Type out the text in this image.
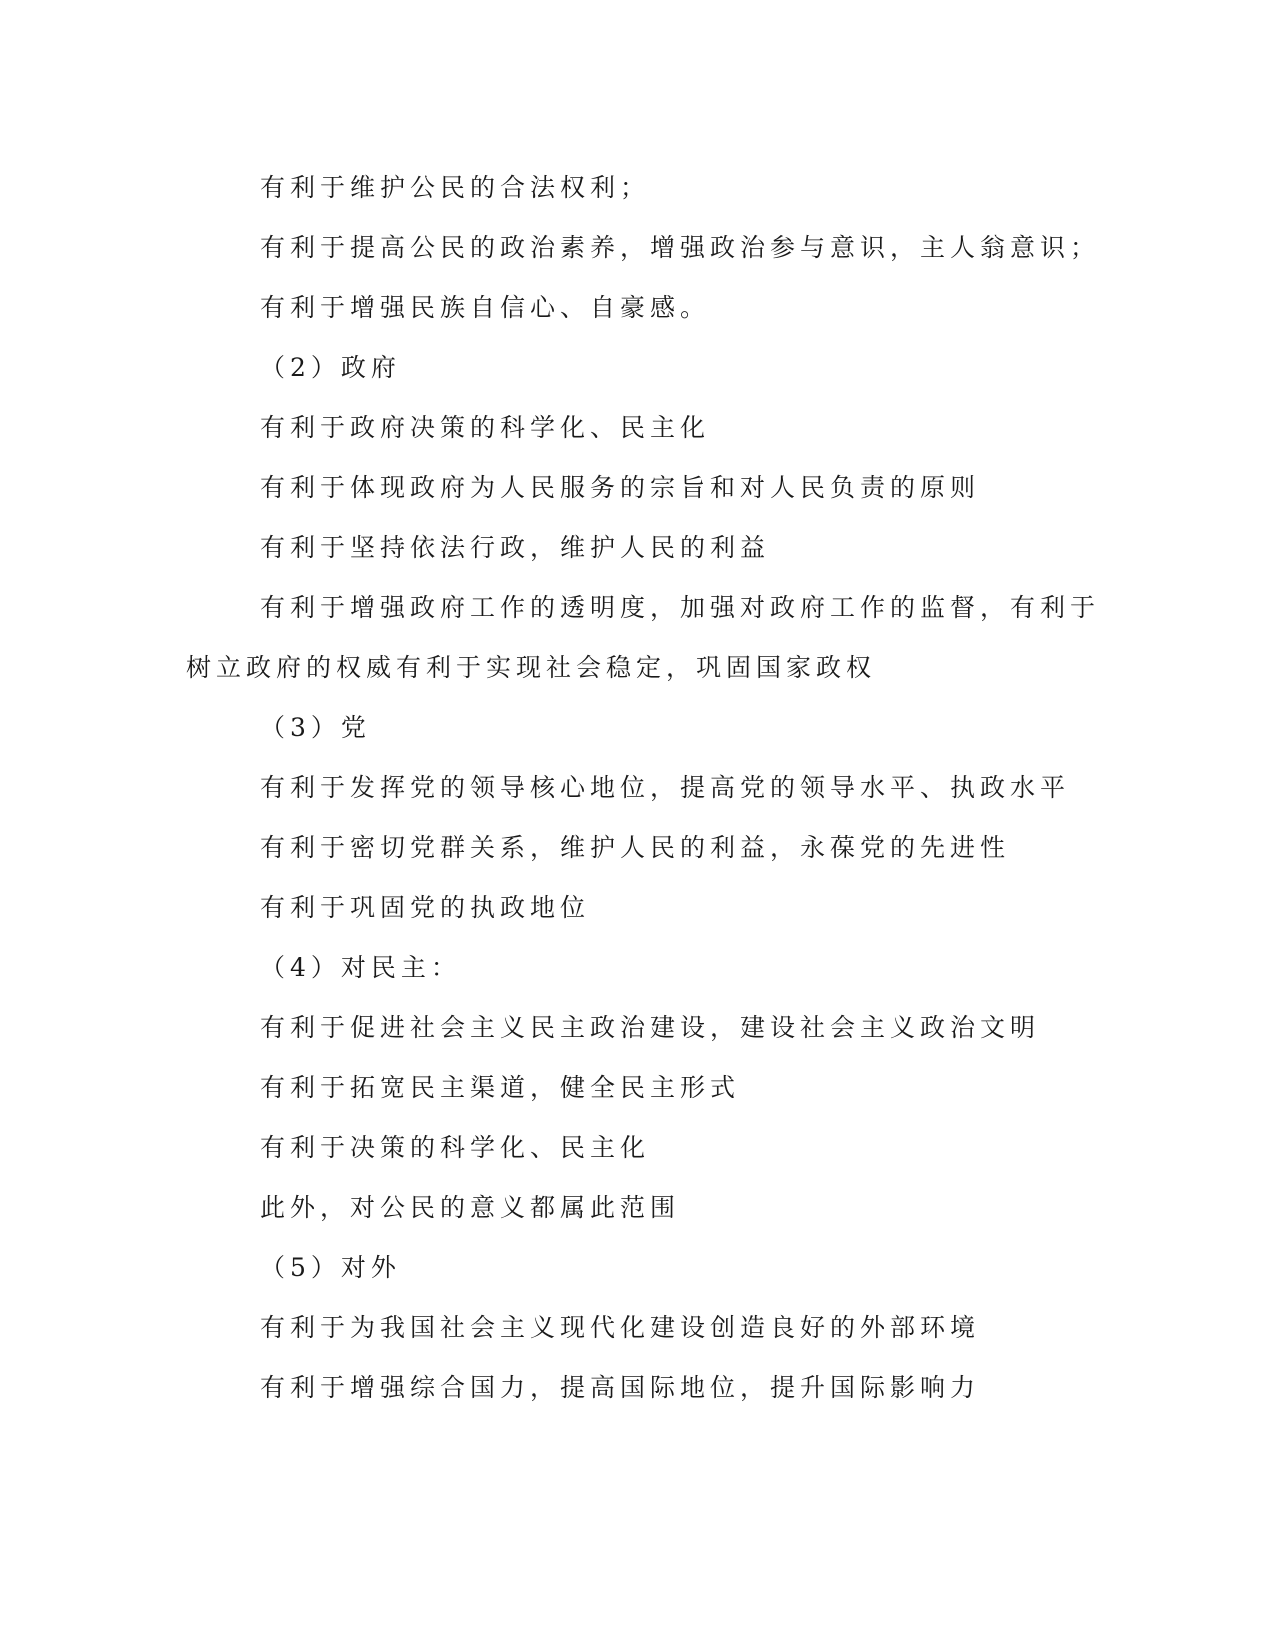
有利于维护公民的合法权利；
有利于提高公民的政治素养，增强政治参与意识，主人翁意识；
有利于增强民族自信心、自豪感。
（2）政府
有利于政府决策的科学化、民主化
有利于体现政府为人民服务的宗旨和对人民负责的原则
有利于坚持依法行政，维护人民的利益
有利于增强政府工作的透明度，加强对政府工作的监督，有利于
树立政府的权威有利于实现社会稳定，巩固国家政权
（3）党
有利于发挥党的领导核心地位，提高党的领导水平、执政水平
有利于密切党群关系，维护人民的利益，永葆党的先进性
有利于巩固党的执政地位
（4）对民主：
有利于促进社会主义民主政治建设，建设社会主义政治文明
有利于拓宽民主渠道，健全民主形式
有利于决策的科学化、民主化
此外，对公民的意义都属此范围
（5）对外
有利于为我国社会主义现代化建设创造良好的外部环境
有利于增强综合国力，提高国际地位，提升国际影响力
